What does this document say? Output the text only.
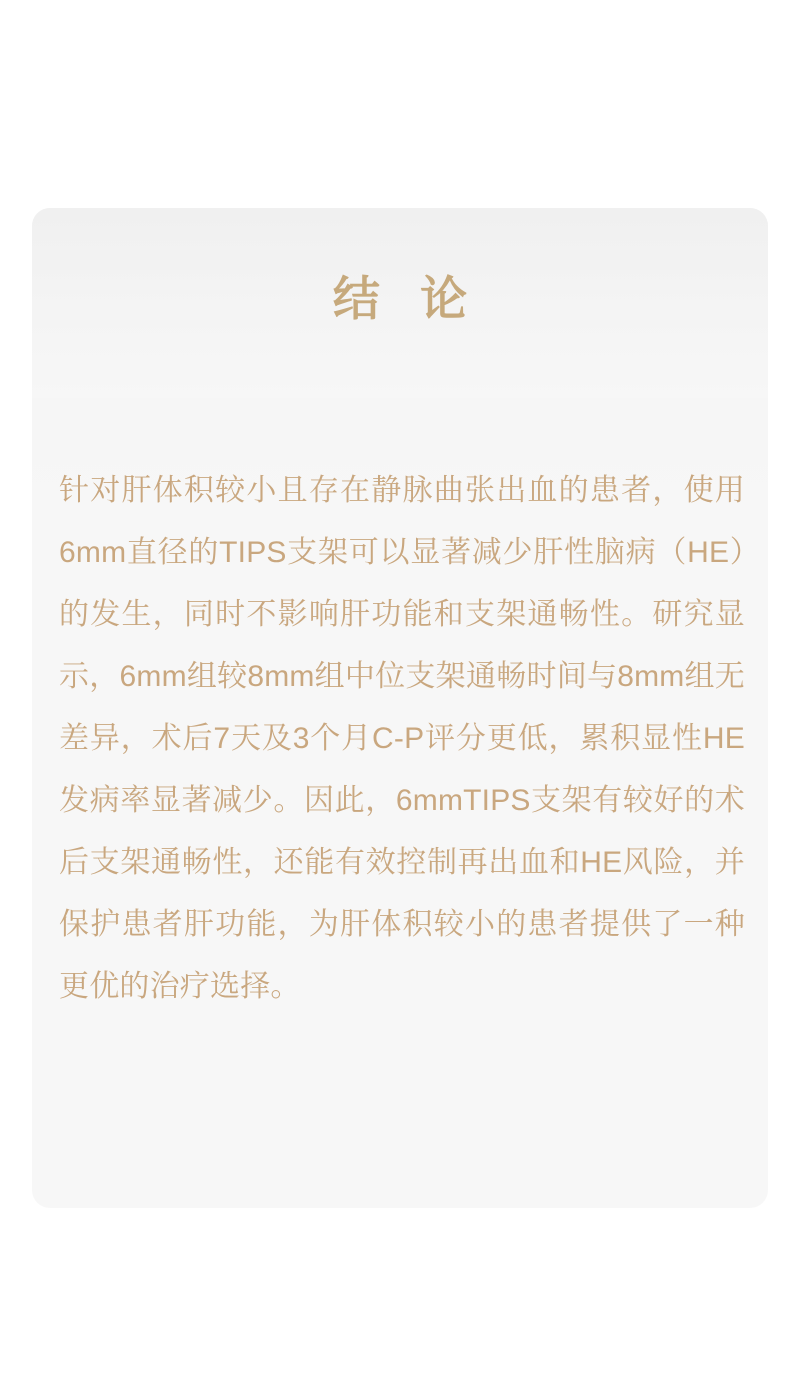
结 论

针对肝体积较小且存在静脉曲张出血的患者，使用6mm直径的TIPS支架可以显著减少肝性脑病（HE）的发生，同时不影响肝功能和支架通畅性。研究显示，6mm组较8mm组中位支架通畅时间与8mm组无差异，术后7天及3个月C-P评分更低，累积显性HE发病率显著减少。因此，6mmTIPS支架有较好的术后支架通畅性，还能有效控制再出血和HE风险，并保护患者肝功能，为肝体积较小的患者提供了一种更优的治疗选择。
